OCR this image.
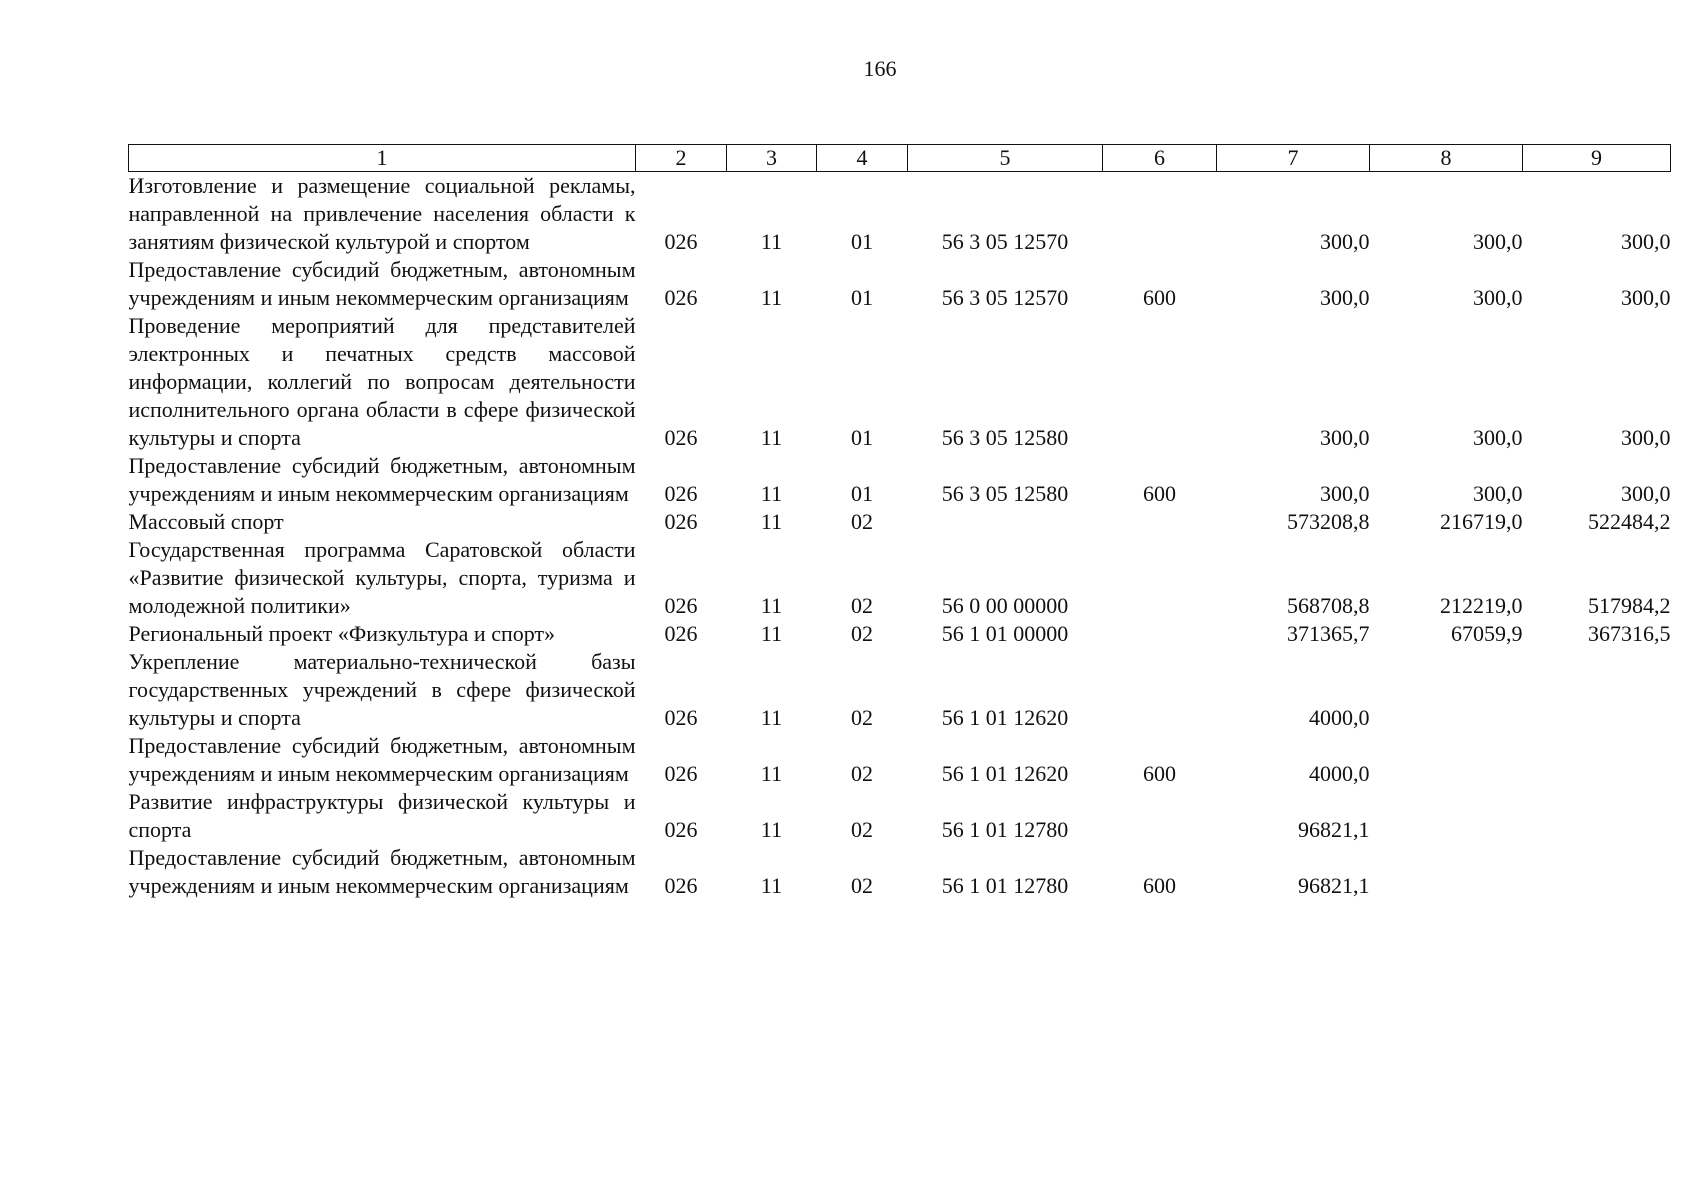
166
1	2	3	4	5	6	7	8	9
Изготовление и размещение социальной рекламы, направленной на привлечение населения области к занятиям физической культурой и спортом	026	11	01	56 3 05 12570		300,0	300,0	300,0
Предоставление субсидий бюджетным, автономным учреждениям и иным некоммерческим организациям	026	11	01	56 3 05 12570	600	300,0	300,0	300,0
Проведение мероприятий для представителей электронных и печатных средств массовой информации, коллегий по вопросам деятельности исполнительного органа области в сфере физической культуры и спорта	026	11	01	56 3 05 12580		300,0	300,0	300,0
Предоставление субсидий бюджетным, автономным учреждениям и иным некоммерческим организациям	026	11	01	56 3 05 12580	600	300,0	300,0	300,0
Массовый спорт	026	11	02			573208,8	216719,0	522484,2
Государственная программа Саратовской области «Развитие физической культуры, спорта, туризма и молодежной политики»	026	11	02	56 0 00 00000		568708,8	212219,0	517984,2
Региональный проект «Физкультура и спорт»	026	11	02	56 1 01 00000		371365,7	67059,9	367316,5
Укрепление материально-технической базы государственных учреждений в сфере физической культуры и спорта	026	11	02	56 1 01 12620		4000,0		
Предоставление субсидий бюджетным, автономным учреждениям и иным некоммерческим организациям	026	11	02	56 1 01 12620	600	4000,0		
Развитие инфраструктуры физической культуры и спорта	026	11	02	56 1 01 12780		96821,1		
Предоставление субсидий бюджетным, автономным учреждениям и иным некоммерческим организациям	026	11	02	56 1 01 12780	600	96821,1		
